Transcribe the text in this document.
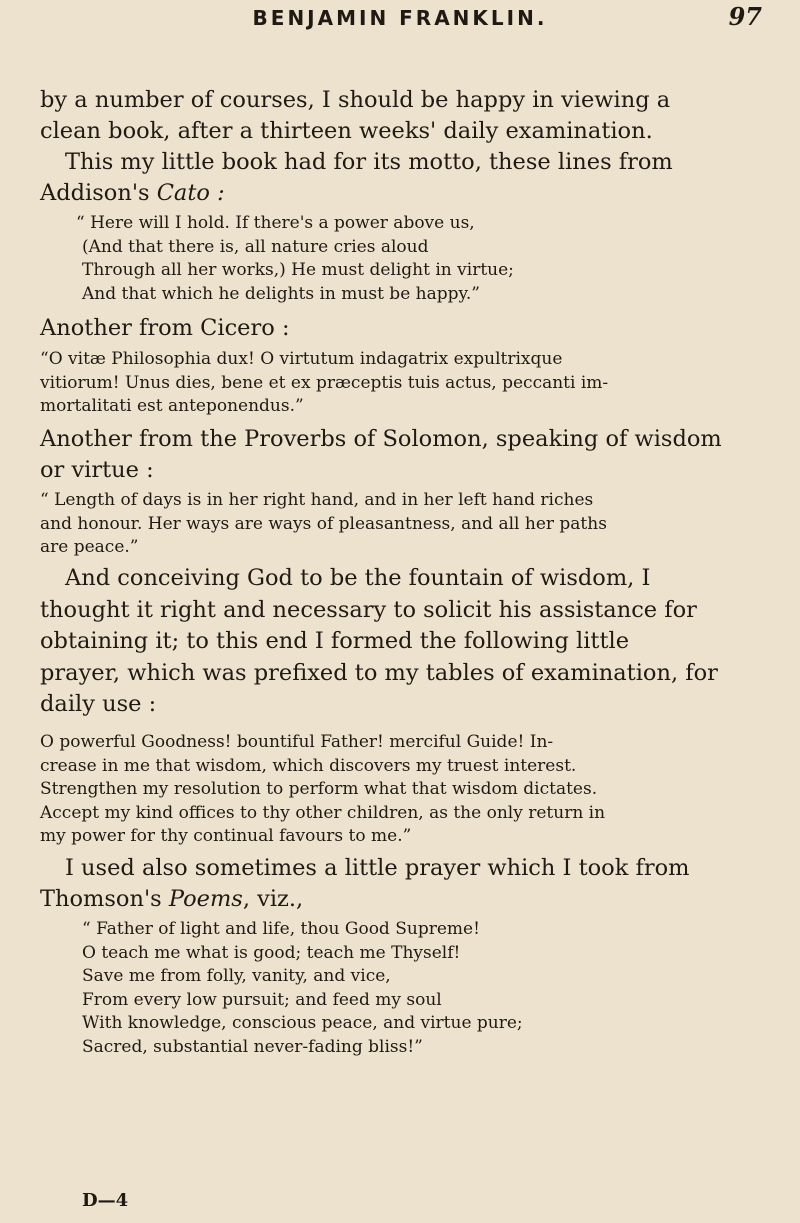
BENJAMIN FRANKLIN.	97
by a number of courses, I should be happy in viewing a
clean book, after a thirteen weeks' daily examination.
This my little book had for its motto, these lines from
Addison's Cato :
“ Here will I hold. If there's a power above us,
(And that there is, all nature cries aloud
Through all her works,) He must delight in virtue;
And that which he delights in must be happy.”
Another from Cicero :
“O vitæ Philosophia dux! O virtutum indagatrix expultrixque
vitiorum! Unus dies, bene et ex præceptis tuis actus, peccanti im-
mortalitati est anteponendus.”
Another from the Proverbs of Solomon, speaking of wisdom
or virtue :
“ Length of days is in her right hand, and in her left hand riches
and honour. Her ways are ways of pleasantness, and all her paths
are peace.”
And conceiving God to be the fountain of wisdom, I
thought it right and necessary to solicit his assistance for
obtaining it; to this end I formed the following little
prayer, which was prefixed to my tables of examination, for
daily use :
O powerful Goodness! bountiful Father! merciful Guide! In-
crease in me that wisdom, which discovers my truest interest.
Strengthen my resolution to perform what that wisdom dictates.
Accept my kind offices to thy other children, as the only return in
my power for thy continual favours to me.”
I used also sometimes a little prayer which I took from
Thomson's Poems, viz.,
“ Father of light and life, thou Good Supreme!
O teach me what is good; teach me Thyself!
Save me from folly, vanity, and vice,
From every low pursuit; and feed my soul
With knowledge, conscious peace, and virtue pure;
Sacred, substantial never-fading bliss!”
D—4
